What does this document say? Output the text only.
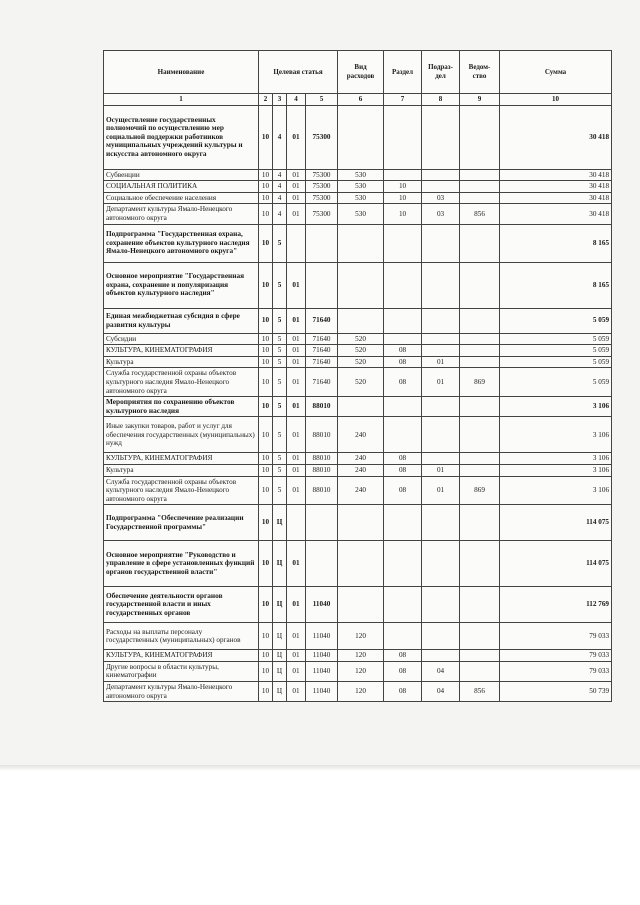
Наименование	Целевая статья				Вид расходов	Раздел	Подраз-дел	Ведом-ство	Сумма
1	2	3	4	5	6	7	8	9	10
Осуществление государственных полномочий по осуществлению мер социальной поддержки работников муниципальных учреждений культуры и искусства автономного округа	10	4	01	75300					30 418
Субвенции	10	4	01	75300	530				30 418
СОЦИАЛЬНАЯ ПОЛИТИКА	10	4	01	75300	530	10			30 418
Социальное обеспечение населения	10	4	01	75300	530	10	03		30 418
Департамент культуры Ямало-Ненецкого автономного округа	10	4	01	75300	530	10	03	856	30 418
Подпрограмма "Государственная охрана, сохранение объектов культурного наследия Ямало-Ненецкого автономного округа"	10	5							8 165
Основное мероприятие "Государственная охрана, сохранение и популяризация объектов культурного наследия"	10	5	01						8 165
Единая межбюджетная субсидия в сфере развития культуры	10	5	01	71640					5 059
Субсидии	10	5	01	71640	520				5 059
КУЛЬТУРА, КИНЕМАТОГРАФИЯ	10	5	01	71640	520	08			5 059
Культура	10	5	01	71640	520	08	01		5 059
Служба государственной охраны объектов культурного наследия Ямало-Ненецкого автономного округа	10	5	01	71640	520	08	01	869	5 059
Мероприятия по сохранению объектов культурного наследия	10	5	01	88010					3 106
Иные закупки товаров, работ и услуг для обеспечения государственных (муниципальных) нужд	10	5	01	88010	240				3 106
КУЛЬТУРА, КИНЕМАТОГРАФИЯ	10	5	01	88010	240	08			3 106
Культура	10	5	01	88010	240	08	01		3 106
Служба государственной охраны объектов культурного наследия Ямало-Ненецкого автономного округа	10	5	01	88010	240	08	01	869	3 106
Подпрограмма "Обеспечение реализации Государственной программы"	10	Ц							114 075
Основное мероприятие "Руководство и управление в сфере установленных функций органов государственной власти"	10	Ц	01						114 075
Обеспечение деятельности органов государственной власти и иных государственных органов	10	Ц	01	11040					112 769
Расходы на выплаты персоналу государственных (муниципальных) органов	10	Ц	01	11040	120				79 033
КУЛЬТУРА, КИНЕМАТОГРАФИЯ	10	Ц	01	11040	120	08			79 033
Другие вопросы в области культуры, кинематографии	10	Ц	01	11040	120	08	04		79 033
Департамент культуры Ямало-Ненецкого автономного округа	10	Ц	01	11040	120	08	04	856	50 739
